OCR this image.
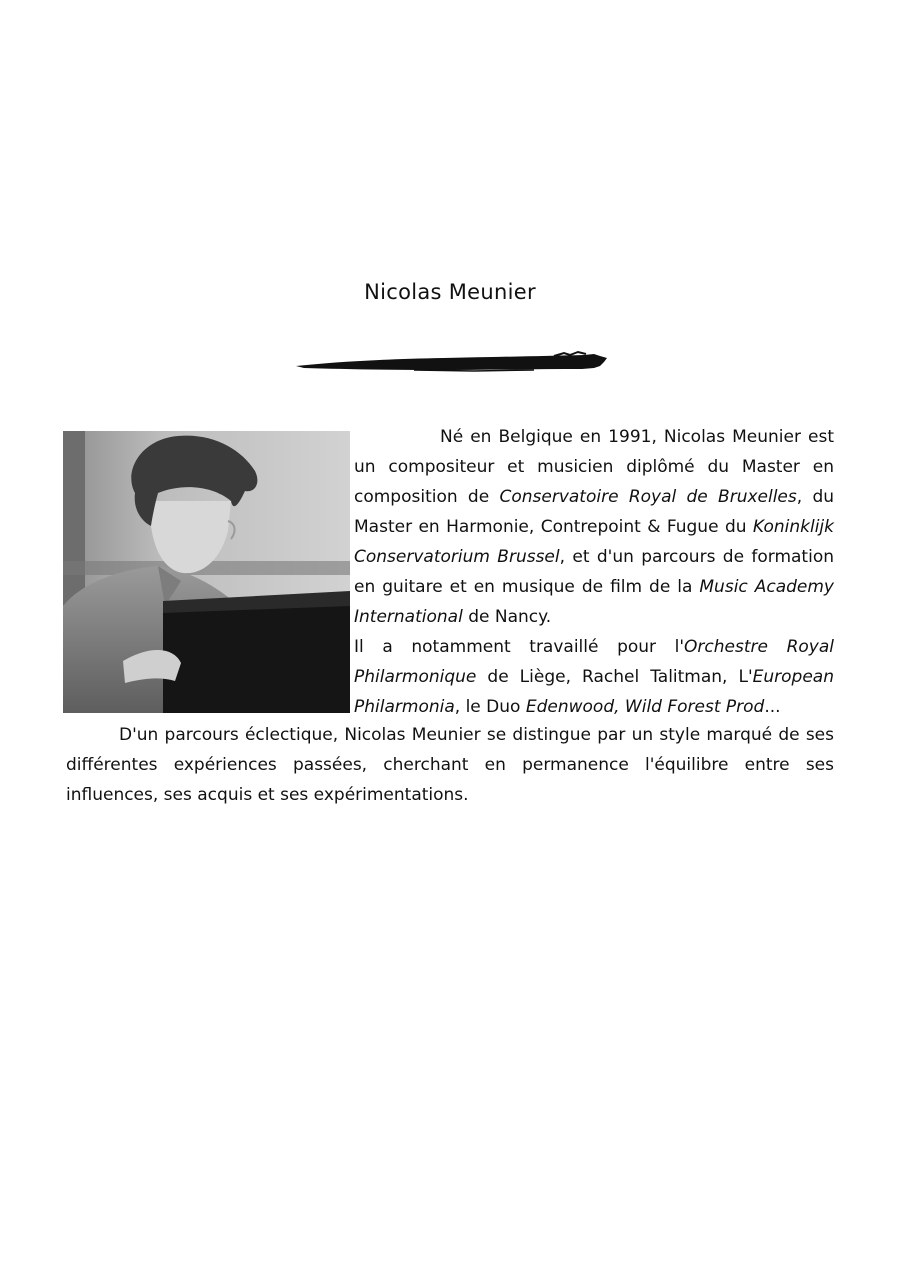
Nicolas Meunier

Né en Belgique en 1991, Nicolas Meunier est un compositeur et musicien diplômé du Master en composition de Conservatoire Royal de Bruxelles, du Master en Harmonie, Contrepoint & Fugue du Koninklijk Conservatorium Brussel, et d'un parcours de formation en guitare et en musique de film de la Music Academy International de Nancy.

Il a notamment travaillé pour l'Orchestre Royal Philarmonique de Liège, Rachel Talitman, L'European Philarmonia, le Duo Edenwood, Wild Forest Prod...

D'un parcours éclectique, Nicolas Meunier se distingue par un style marqué de ses différentes expériences passées, cherchant en permanence l'équilibre entre ses influences, ses acquis et ses expérimentations.
